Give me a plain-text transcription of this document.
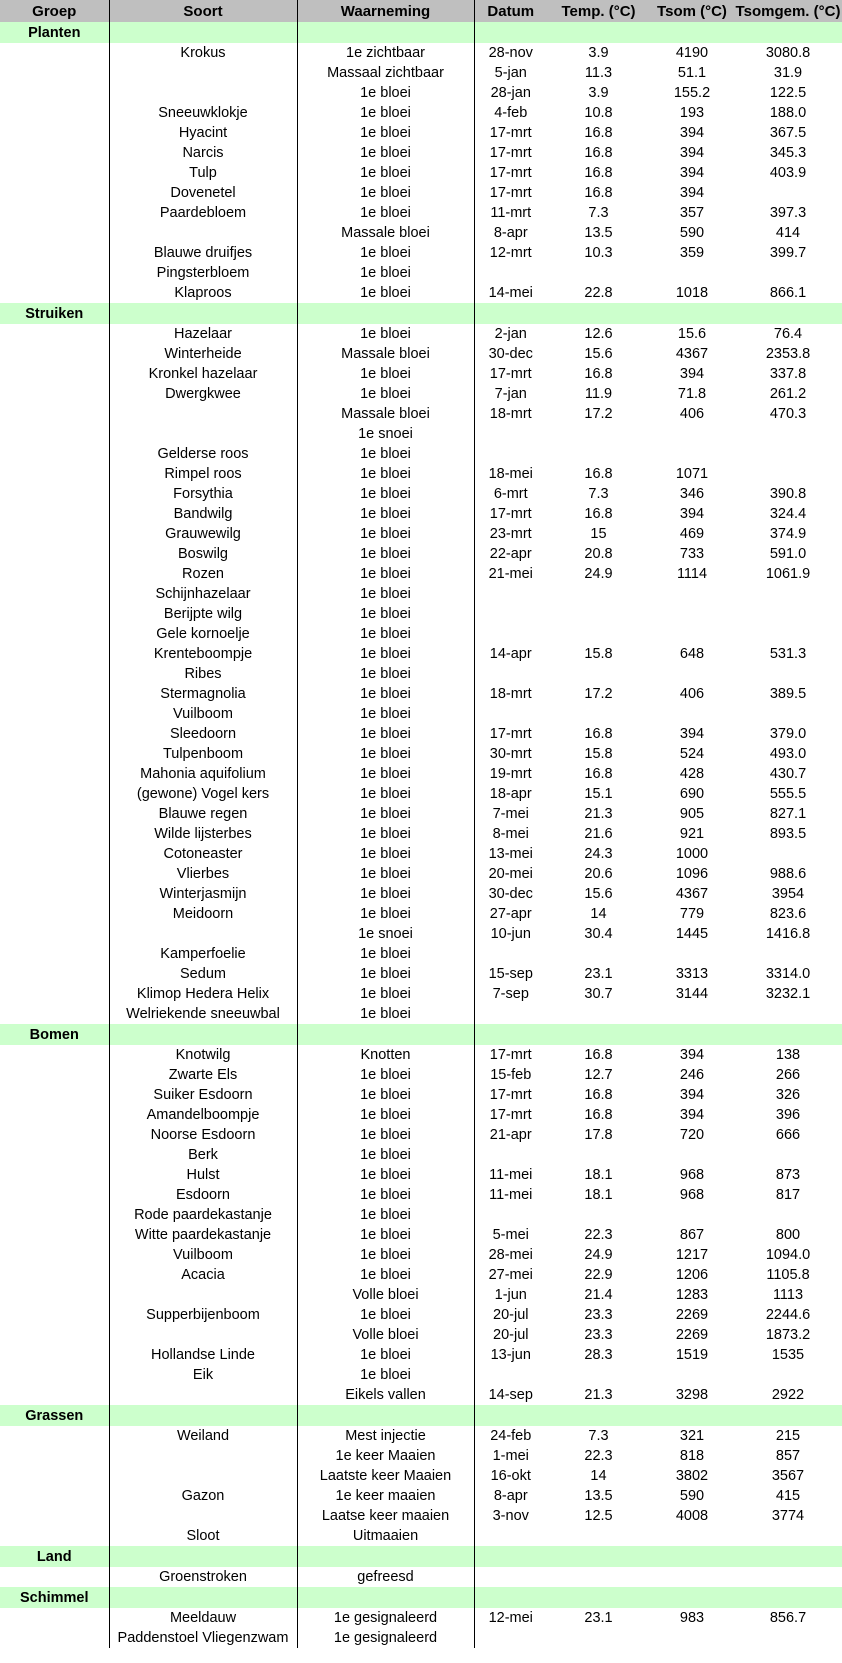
Groep	Soort	Waarneming	Datum	Temp. (°C)	Tsom (°C)	Tsomgem. (°C)
Planten						
	Krokus	1e zichtbaar	28-nov	3.9	4190	3080.8
		Massaal zichtbaar	5-jan	11.3	51.1	31.9
		1e bloei	28-jan	3.9	155.2	122.5
	Sneeuwklokje	1e bloei	4-feb	10.8	193	188.0
	Hyacint	1e bloei	17-mrt	16.8	394	367.5
	Narcis	1e bloei	17-mrt	16.8	394	345.3
	Tulp	1e bloei	17-mrt	16.8	394	403.9
	Dovenetel	1e bloei	17-mrt	16.8	394	
	Paardebloem	1e bloei	11-mrt	7.3	357	397.3
		Massale bloei	8-apr	13.5	590	414
	Blauwe druifjes	1e bloei	12-mrt	10.3	359	399.7
	Pingsterbloem	1e bloei				
	Klaproos	1e bloei	14-mei	22.8	1018	866.1
Struiken						
	Hazelaar	1e bloei	2-jan	12.6	15.6	76.4
	Winterheide	Massale bloei	30-dec	15.6	4367	2353.8
	Kronkel hazelaar	1e bloei	17-mrt	16.8	394	337.8
	Dwergkwee	1e bloei	7-jan	11.9	71.8	261.2
		Massale bloei	18-mrt	17.2	406	470.3
		1e snoei				
	Gelderse roos	1e bloei				
	Rimpel roos	1e bloei	18-mei	16.8	1071	
	Forsythia	1e bloei	6-mrt	7.3	346	390.8
	Bandwilg	1e bloei	17-mrt	16.8	394	324.4
	Grauwewilg	1e bloei	23-mrt	15	469	374.9
	Boswilg	1e bloei	22-apr	20.8	733	591.0
	Rozen	1e bloei	21-mei	24.9	1114	1061.9
	Schijnhazelaar	1e bloei				
	Berijpte wilg	1e bloei				
	Gele kornoelje	1e bloei				
	Krenteboompje	1e bloei	14-apr	15.8	648	531.3
	Ribes	1e bloei				
	Stermagnolia	1e bloei	18-mrt	17.2	406	389.5
	Vuilboom	1e bloei				
	Sleedoorn	1e bloei	17-mrt	16.8	394	379.0
	Tulpenboom	1e bloei	30-mrt	15.8	524	493.0
	Mahonia aquifolium	1e bloei	19-mrt	16.8	428	430.7
	(gewone) Vogel kers	1e bloei	18-apr	15.1	690	555.5
	Blauwe regen	1e bloei	7-mei	21.3	905	827.1
	Wilde lijsterbes	1e bloei	8-mei	21.6	921	893.5
	Cotoneaster	1e bloei	13-mei	24.3	1000	
	Vlierbes	1e bloei	20-mei	20.6	1096	988.6
	Winterjasmijn	1e bloei	30-dec	15.6	4367	3954
	Meidoorn	1e bloei	27-apr	14	779	823.6
		1e snoei	10-jun	30.4	1445	1416.8
	Kamperfoelie	1e bloei				
	Sedum	1e bloei	15-sep	23.1	3313	3314.0
	Klimop Hedera Helix	1e bloei	7-sep	30.7	3144	3232.1
	Welriekende sneeuwbal	1e bloei				
Bomen						
	Knotwilg	Knotten	17-mrt	16.8	394	138
	Zwarte Els	1e bloei	15-feb	12.7	246	266
	Suiker Esdoorn	1e bloei	17-mrt	16.8	394	326
	Amandelboompje	1e bloei	17-mrt	16.8	394	396
	Noorse Esdoorn	1e bloei	21-apr	17.8	720	666
	Berk	1e bloei				
	Hulst	1e bloei	11-mei	18.1	968	873
	Esdoorn	1e bloei	11-mei	18.1	968	817
	Rode paardekastanje	1e bloei				
	Witte paardekastanje	1e bloei	5-mei	22.3	867	800
	Vuilboom	1e bloei	28-mei	24.9	1217	1094.0
	Acacia	1e bloei	27-mei	22.9	1206	1105.8
		Volle bloei	1-jun	21.4	1283	1113
	Supperbijenboom	1e bloei	20-jul	23.3	2269	2244.6
		Volle bloei	20-jul	23.3	2269	1873.2
	Hollandse Linde	1e bloei	13-jun	28.3	1519	1535
	Eik	1e bloei				
		Eikels vallen	14-sep	21.3	3298	2922
Grassen						
	Weiland	Mest injectie	24-feb	7.3	321	215
		1e keer Maaien	1-mei	22.3	818	857
		Laatste keer Maaien	16-okt	14	3802	3567
	Gazon	1e keer maaien	8-apr	13.5	590	415
		Laatse keer maaien	3-nov	12.5	4008	3774
	Sloot	Uitmaaien				
Land						
	Groenstroken	gefreesd				
Schimmel						
	Meeldauw	1e gesignaleerd	12-mei	23.1	983	856.7
	Paddenstoel Vliegenzwam	1e gesignaleerd				
